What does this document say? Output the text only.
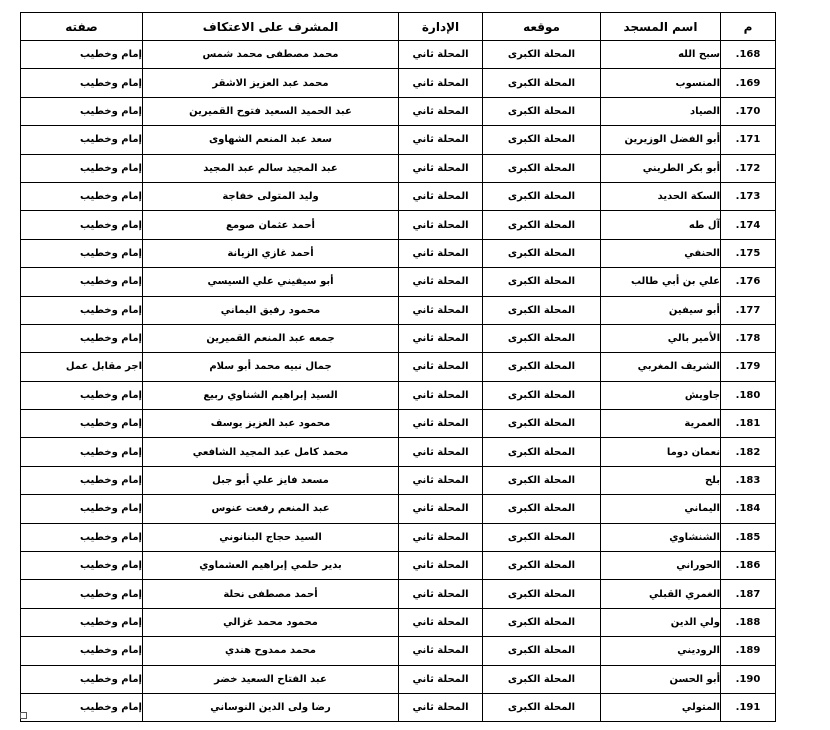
م	اسم المسجد	موقعه	الإدارة	المشرف على الاعتكاف	صفته
.168	سبح الله	المحلة الكبرى	المحلة ثاني	محمد مصطفى محمد شمس	إمام وخطيب
.169	المنسوب	المحلة الكبرى	المحلة ثاني	محمد عبد العزيز الاشقر	إمام وخطيب
.170	الصياد	المحلة الكبرى	المحلة ثاني	عبد الحميد السعيد فتوح القميرين	إمام وخطيب
.171	أبو الفضل الوزيرين	المحلة الكبرى	المحلة ثاني	سعد عبد المنعم الشهاوى	إمام وخطيب
.172	أبو بكر الطريني	المحلة الكبرى	المحلة ثاني	عبد المجيد سالم عبد المجيد	إمام وخطيب
.173	السكة الحديد	المحلة الكبرى	المحلة ثاني	وليد المتولى خفاجة	إمام وخطيب
.174	آل طه	المحلة الكبرى	المحلة ثاني	أحمد عثمان صومع	إمام وخطيب
.175	الحنفي	المحلة الكبرى	المحلة ثاني	أحمد غازي الزيانة	إمام وخطيب
.176	علي بن أبي طالب	المحلة الكبرى	المحلة ثاني	أبو سيفيني علي السيسي	إمام وخطيب
.177	أبو سيفين	المحلة الكبرى	المحلة ثاني	محمود رفيق اليماني	إمام وخطيب
.178	الأمير بالي	المحلة الكبرى	المحلة ثاني	جمعه عبد المنعم القميرين	إمام وخطيب
.179	الشريف المغربي	المحلة الكبرى	المحلة ثاني	جمال نبيه محمد أبو سلام	اجر مقابل عمل
.180	جاويش	المحلة الكبرى	المحلة ثاني	السيد إبراهيم الشناوي ربيع	إمام وخطيب
.181	العمرية	المحلة الكبرى	المحلة ثاني	محمود عبد العزيز يوسف	إمام وخطيب
.182	نعمان دوما	المحلة الكبرى	المحلة ثاني	محمد كامل عبد المجيد الشافعي	إمام وخطيب
.183	بلح	المحلة الكبرى	المحلة ثاني	مسعد فايز علي أبو جبل	إمام وخطيب
.184	اليماني	المحلة الكبرى	المحلة ثاني	عبد المنعم رفعت عنوس	إمام وخطيب
.185	الشنشاوي	المحلة الكبرى	المحلة ثاني	السيد حجاج البنانوني	إمام وخطيب
.186	الحوراني	المحلة الكبرى	المحلة ثاني	بدير حلمي إبراهيم العشماوي	إمام وخطيب
.187	الغمري القبلي	المحلة الكبرى	المحلة ثاني	أحمد مصطفى نحلة	إمام وخطيب
.188	ولي الدين	المحلة الكبرى	المحلة ثاني	محمود محمد غزالي	إمام وخطيب
.189	الروديني	المحلة الكبرى	المحلة ثاني	محمد ممدوح هندي	إمام وخطيب
.190	أبو الحسن	المحلة الكبرى	المحلة ثاني	عبد الفتاح السعيد خضر	إمام وخطيب
.191	المتولي	المحلة الكبرى	المحلة ثاني	رضا ولى الدين النوساني	إمام وخطيب
